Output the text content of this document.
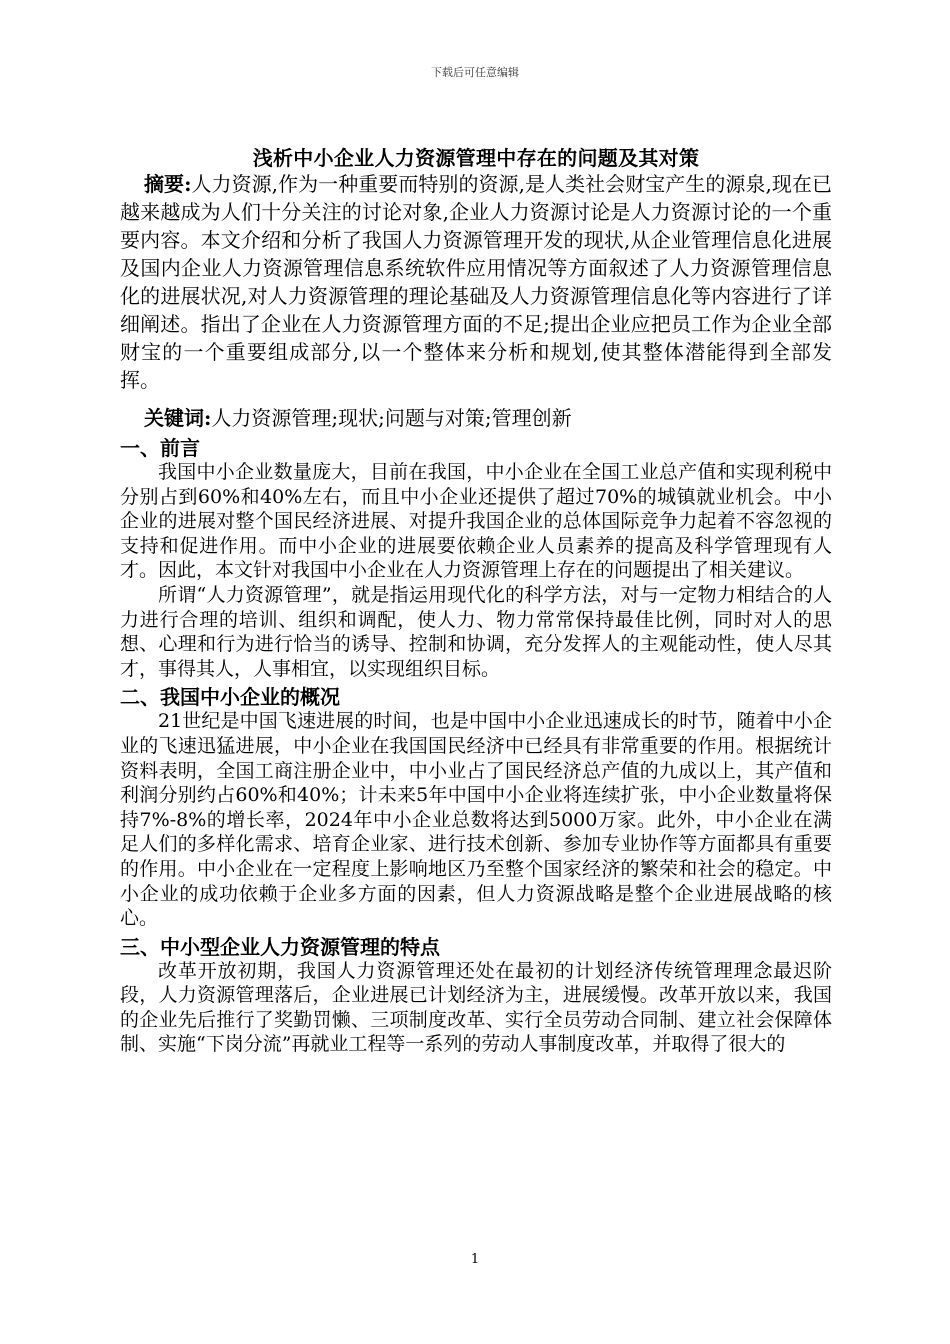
下载后可任意编辑

浅析中小企业人力资源管理中存在的问题及其对策

摘要:人力资源,作为一种重要而特别的资源,是人类社会财宝产生的源泉,现在已越来越成为人们十分关注的讨论对象,企业人力资源讨论是人力资源讨论的一个重要内容。本文介绍和分析了我国人力资源管理开发的现状,从企业管理信息化进展及国内企业人力资源管理信息系统软件应用情况等方面叙述了人力资源管理信息化的进展状况,对人力资源管理的理论基础及人力资源管理信息化等内容进行了详细阐述。指出了企业在人力资源管理方面的不足;提出企业应把员工作为企业全部财宝的一个重要组成部分,以一个整体来分析和规划,使其整体潜能得到全部发挥。

关键词:人力资源管理;现状;问题与对策;管理创新

一、前言

我国中小企业数量庞大，目前在我国，中小企业在全国工业总产值和实现利税中分别占到60%和40%左右，而且中小企业还提供了超过70%的城镇就业机会。中小企业的进展对整个国民经济进展、对提升我国企业的总体国际竞争力起着不容忽视的支持和促进作用。而中小企业的进展要依赖企业人员素养的提高及科学管理现有人才。因此，本文针对我国中小企业在人力资源管理上存在的问题提出了相关建议。

所谓“人力资源管理”，就是指运用现代化的科学方法，对与一定物力相结合的人力进行合理的培训、组织和调配，使人力、物力常常保持最佳比例，同时对人的思想、心理和行为进行恰当的诱导、控制和协调，充分发挥人的主观能动性，使人尽其才，事得其人，人事相宜，以实现组织目标。

二、我国中小企业的概况

21世纪是中国飞速进展的时间，也是中国中小企业迅速成长的时节，随着中小企业的飞速迅猛进展，中小企业在我国国民经济中已经具有非常重要的作用。根据统计资料表明，全国工商注册企业中，中小业占了国民经济总产值的九成以上，其产值和利润分别约占60%和40%；计未来5年中国中小企业将连续扩张，中小企业数量将保持7%-8%的增长率，2024年中小企业总数将达到5000万家。此外，中小企业在满足人们的多样化需求、培育企业家、进行技术创新、参加专业协作等方面都具有重要的作用。中小企业在一定程度上影响地区乃至整个国家经济的繁荣和社会的稳定。中小企业的成功依赖于企业多方面的因素，但人力资源战略是整个企业进展战略的核心。

三、中小型企业人力资源管理的特点

改革开放初期，我国人力资源管理还处在最初的计划经济传统管理理念最迟阶段，人力资源管理落后，企业进展已计划经济为主，进展缓慢。改革开放以来，我国的企业先后推行了奖勤罚懒、三项制度改革、实行全员劳动合同制、建立社会保障体制、实施“下岗分流”再就业工程等一系列的劳动人事制度改革，并取得了很大的

1
